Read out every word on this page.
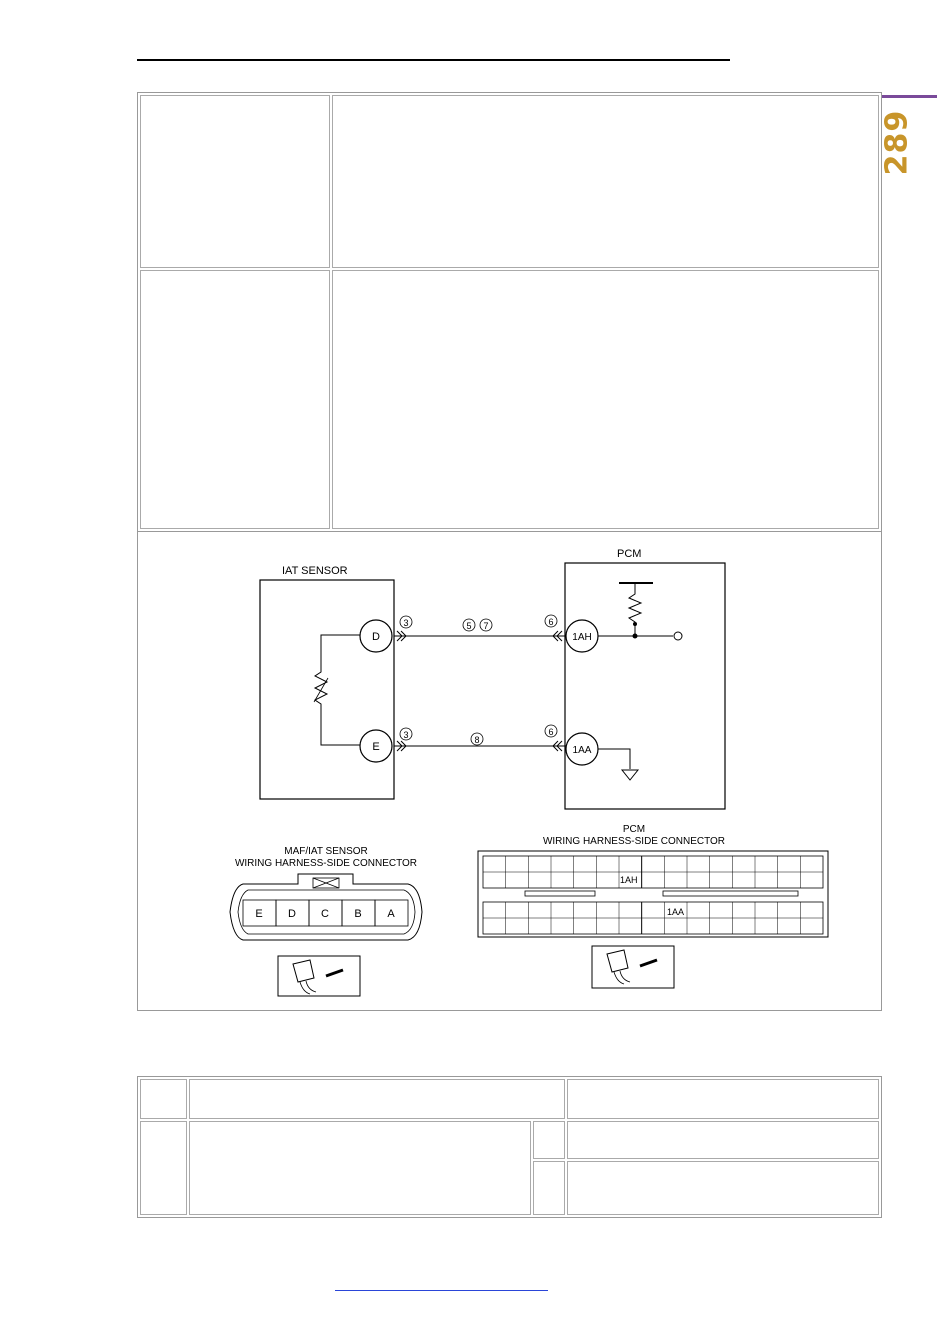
289
IAT SENSOR
D
E
PCM
1AH
1AA
3
3
6
6
5 7
8
MAF/IAT SENSOR
WIRING HARNESS-SIDE CONNECTOR
E D C B A
PCM
WIRING HARNESS-SIDE CONNECTOR
1AH
1AA
